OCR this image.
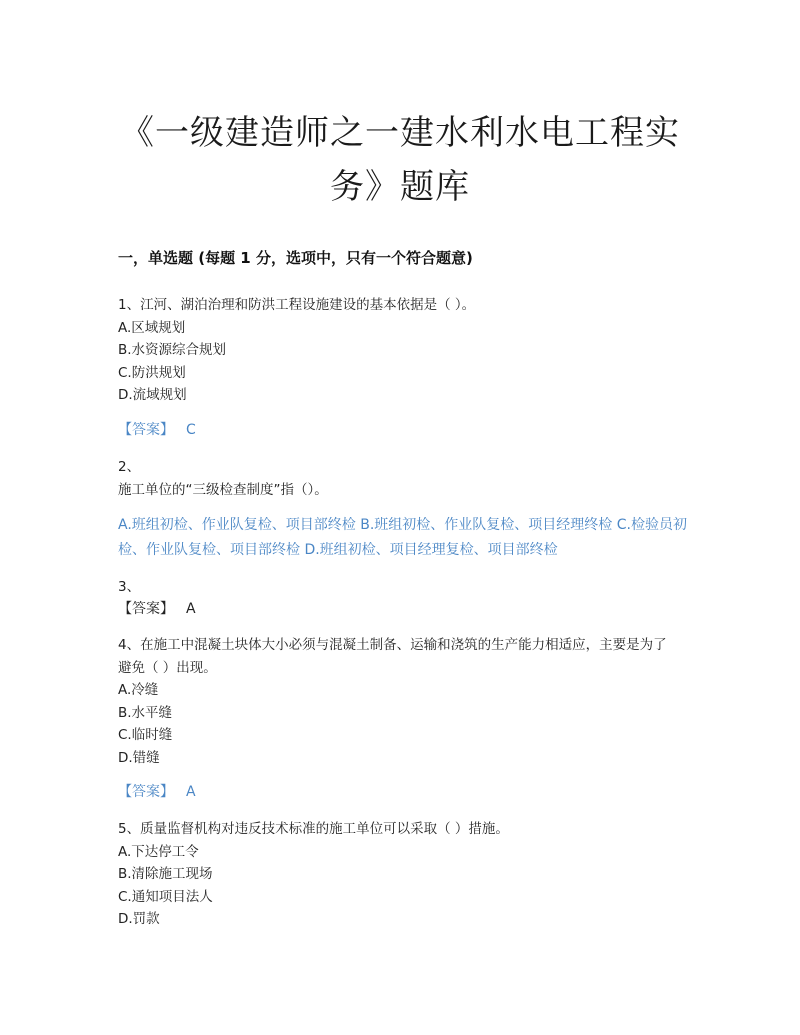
《一级建造师之一建水利水电工程实务》题库
一，单选题 (每题 1 分，选项中，只有一个符合题意)
1、江河、湖泊治理和防洪工程设施建设的基本依据是（ ）。
A.区域规划
B.水资源综合规划
C.防洪规划
D.流域规划
【答案】 C
2、
施工单位的“三级检查制度”指（）。
A.班组初检、作业队复检、项目部终检 B.班组初检、作业队复检、项目经理终检 C.检验员初检、作业队复检、项目部终检 D.班组初检、项目经理复检、项目部终检
3、
【答案】 A
4、在施工中混凝土块体大小必须与混凝土制备、运输和浇筑的生产能力相适应，主要是为了避免（ ）出现。
A.冷缝
B.水平缝
C.临时缝
D.错缝
【答案】 A
5、质量监督机构对违反技术标准的施工单位可以采取（ ）措施。
A.下达停工令
B.清除施工现场
C.通知项目法人
D.罚款
